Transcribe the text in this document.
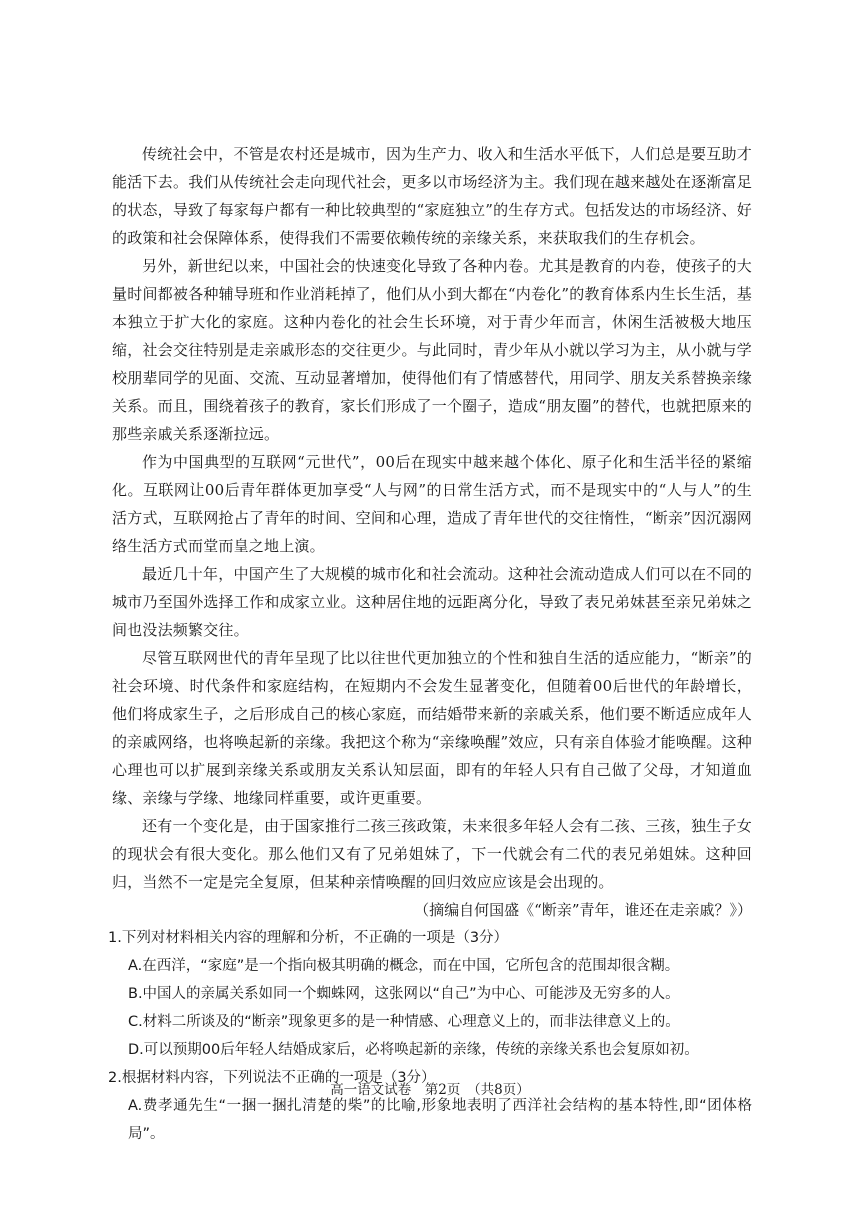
传统社会中，不管是农村还是城市，因为生产力、收入和生活水平低下，人们总是要互助才能活下去。我们从传统社会走向现代社会，更多以市场经济为主。我们现在越来越处在逐渐富足的状态，导致了每家每户都有一种比较典型的“家庭独立”的生存方式。包括发达的市场经济、好的政策和社会保障体系，使得我们不需要依赖传统的亲缘关系，来获取我们的生存机会。

另外，新世纪以来，中国社会的快速变化导致了各种内卷。尤其是教育的内卷，使孩子的大量时间都被各种辅导班和作业消耗掉了，他们从小到大都在“内卷化”的教育体系内生长生活，基本独立于扩大化的家庭。这种内卷化的社会生长环境，对于青少年而言，休闲生活被极大地压缩，社会交往特别是走亲戚形态的交往更少。与此同时，青少年从小就以学习为主，从小就与学校朋辈同学的见面、交流、互动显著增加，使得他们有了情感替代，用同学、朋友关系替换亲缘关系。而且，围绕着孩子的教育，家长们形成了一个圈子，造成“朋友圈”的替代，也就把原来的那些亲戚关系逐渐拉远。

作为中国典型的互联网“元世代”，00后在现实中越来越个体化、原子化和生活半径的紧缩化。互联网让00后青年群体更加享受“人与网”的日常生活方式，而不是现实中的“人与人”的生活方式，互联网抢占了青年的时间、空间和心理，造成了青年世代的交往惰性，“断亲”因沉溺网络生活方式而堂而皇之地上演。

最近几十年，中国产生了大规模的城市化和社会流动。这种社会流动造成人们可以在不同的城市乃至国外选择工作和成家立业。这种居住地的远距离分化，导致了表兄弟妹甚至亲兄弟妹之间也没法频繁交往。

尽管互联网世代的青年呈现了比以往世代更加独立的个性和独自生活的适应能力，“断亲”的社会环境、时代条件和家庭结构，在短期内不会发生显著变化，但随着00后世代的年龄增长，他们将成家生子，之后形成自己的核心家庭，而结婚带来新的亲戚关系，他们要不断适应成年人的亲戚网络，也将唤起新的亲缘。我把这个称为“亲缘唤醒”效应，只有亲自体验才能唤醒。这种心理也可以扩展到亲缘关系或朋友关系认知层面，即有的年轻人只有自己做了父母，才知道血缘、亲缘与学缘、地缘同样重要，或许更重要。

还有一个变化是，由于国家推行二孩三孩政策，未来很多年轻人会有二孩、三孩，独生子女的现状会有很大变化。那么他们又有了兄弟姐妹了，下一代就会有二代的表兄弟姐妹。这种回归，当然不一定是完全复原，但某种亲情唤醒的回归效应应该是会出现的。

（摘编自何国盛《“断亲”青年，谁还在走亲戚？》）

1.下列对材料相关内容的理解和分析，不正确的一项是（3分）

A.在西洋，“家庭”是一个指向极其明确的概念，而在中国，它所包含的范围却很含糊。

B.中国人的亲属关系如同一个蜘蛛网，这张网以“自己”为中心、可能涉及无穷多的人。

C.材料二所谈及的“断亲”现象更多的是一种情感、心理意义上的，而非法律意义上的。

D.可以预期00后年轻人结婚成家后，必将唤起新的亲缘，传统的亲缘关系也会复原如初。

2.根据材料内容，下列说法不正确的一项是（3分）

A.费孝通先生“一捆一捆扎清楚的柴”的比喻,形象地表明了西洋社会结构的基本特性,即“团体格局”。

高一语文试卷　第2页　（共8页）
